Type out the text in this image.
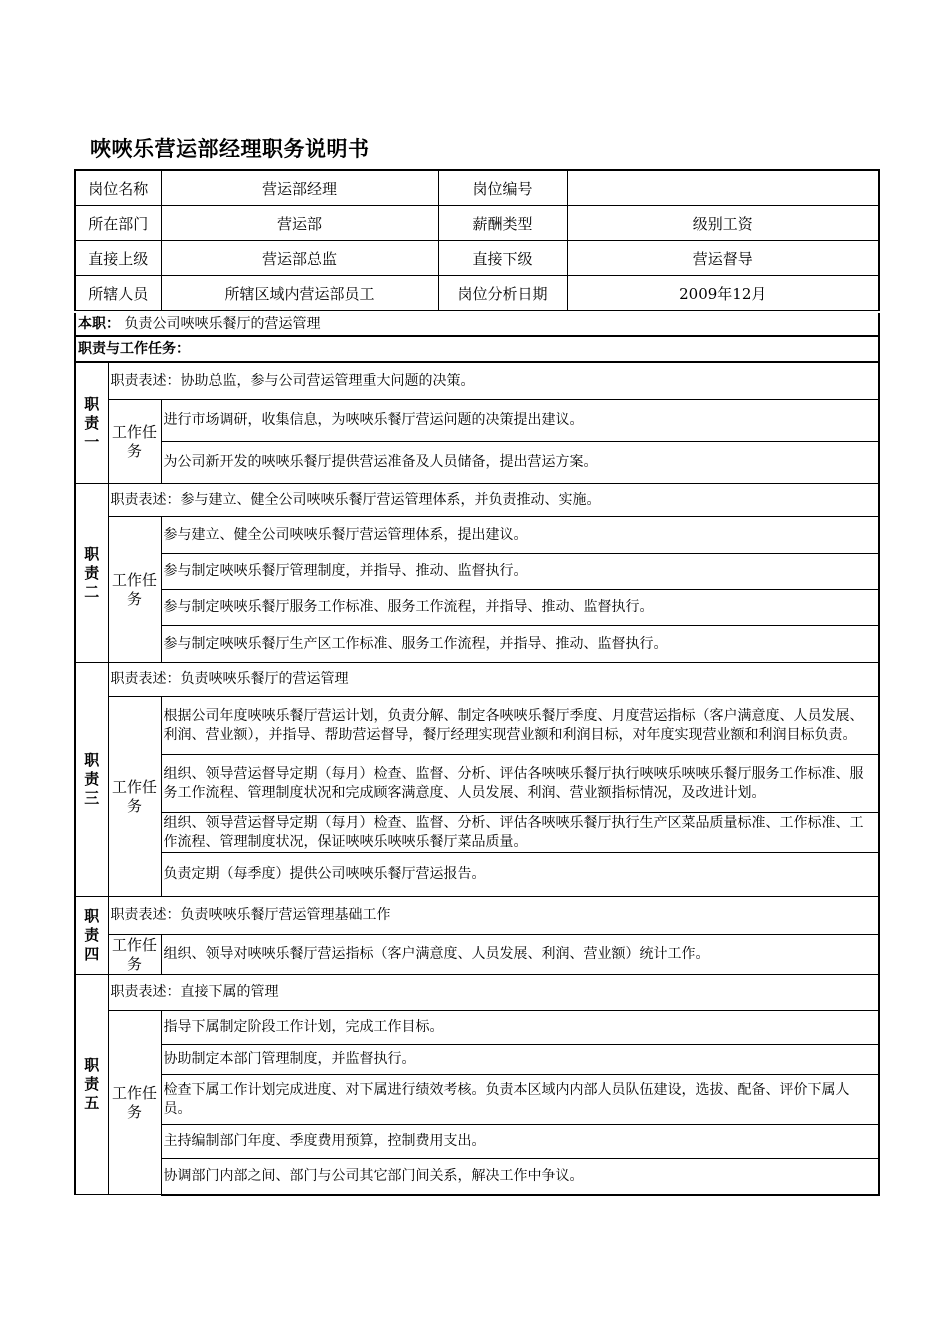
唊唊乐营运部经理职务说明书
岗位名称	营运部经理	岗位编号	
所在部门	营运部	薪酬类型	级别工资
直接上级	营运部总监	直接下级	营运督导
所辖人员	所辖区域内营运部员工	岗位分析日期	2009年12月
本职： 负责公司唊唊乐餐厅的营运管理
职责与工作任务：
职
责
一	职责表述：协助总监，参与公司营运管理重大问题的决策。	
	工作任务	进行市场调研，收集信息，为唊唊乐餐厅营运问题的决策提出建议。
		为公司新开发的唊唊乐餐厅提供营运准备及人员储备，提出营运方案。

职
责
二	职责表述：参与建立、健全公司唊唊乐餐厅营运管理体系，并负责推动、实施。	
	工作任务	参与建立、健全公司唊唊乐餐厅营运管理体系，提出建议。
		参与制定唊唊乐餐厅管理制度，并指导、推动、监督执行。
		参与制定唊唊乐餐厅服务工作标准、服务工作流程，并指导、推动、监督执行。
		参与制定唊唊乐餐厅生产区工作标准、服务工作流程，并指导、推动、监督执行。

职
责
三	职责表述：负责唊唊乐餐厅的营运管理	
	工作任务	根据公司年度唊唊乐餐厅营运计划，负责分解、制定各唊唊乐餐厅季度、月度营运指标（客户满意度、人员发展、利润、营业额），并指导、帮助营运督导，餐厅经理实现营业额和利润目标，对年度实现营业额和利润目标负责。
		组织、领导营运督导定期（每月）检查、监督、分析、评估各唊唊乐餐厅执行唊唊乐唊唊乐餐厅服务工作标准、服务工作流程、管理制度状况和完成顾客满意度、人员发展、利润、营业额指标情况，及改进计划。
		组织、领导营运督导定期（每月）检查、监督、分析、评估各唊唊乐餐厅执行生产区菜品质量标准、工作标准、工作流程、管理制度状况，保证唊唊乐唊唊乐餐厅菜品质量。
		负责定期（每季度）提供公司唊唊乐餐厅营运报告。

职
责
四	职责表述：负责唊唊乐餐厅营运管理基础工作	
	工作任务	组织、领导对唊唊乐餐厅营运指标（客户满意度、人员发展、利润、营业额）统计工作。

职
责
五	职责表述：直接下属的管理	
	工作任务	指导下属制定阶段工作计划，完成工作目标。
		协助制定本部门管理制度，并监督执行。
		检查下属工作计划完成进度、对下属进行绩效考核。负责本区域内内部人员队伍建设，选拔、配备、评价下属人员。
		主持编制部门年度、季度费用预算，控制费用支出。
		协调部门内部之间、部门与公司其它部门间关系，解决工作中争议。
